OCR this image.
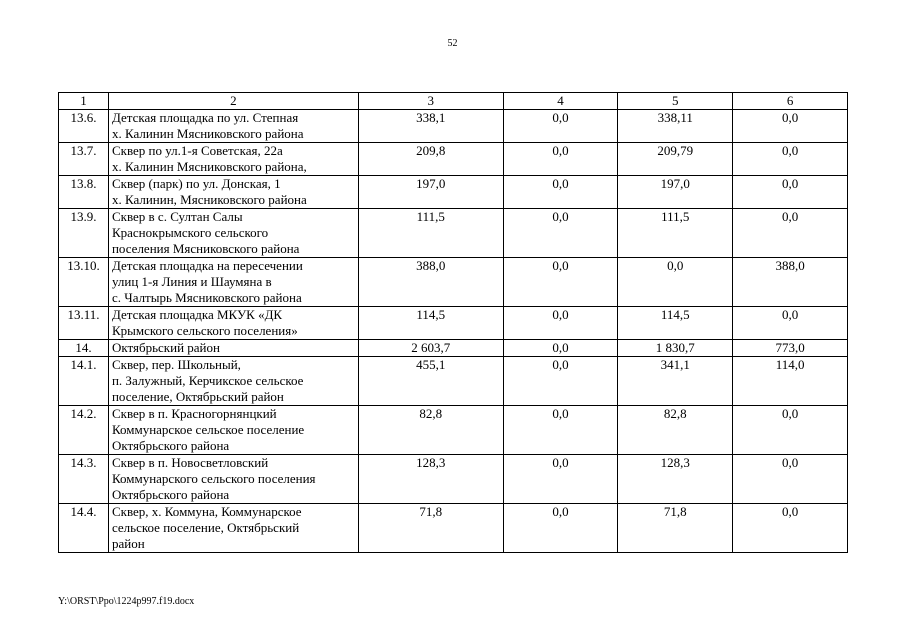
52
1	2	3	4	5	6
13.6.	Детская площадка по ул. Степная
х. Калинин Мясниковского района	338,1	0,0	338,11	0,0
13.7.	Сквер по ул.1-я Советская, 22а
х. Калинин Мясниковского района,	209,8	0,0	209,79	0,0
13.8.	Сквер (парк) по ул. Донская, 1
х. Калинин, Мясниковского района	197,0	0,0	197,0	0,0
13.9.	Сквер в с. Султан Салы
Краснокрымского сельского
поселения Мясниковского района	111,5	0,0	111,5	0,0
13.10.	Детская площадка на пересечении
улиц 1-я Линия и Шаумяна в
с. Чалтырь Мясниковского района	388,0	0,0	0,0	388,0
13.11.	Детская площадка МКУК «ДК
Крымского сельского поселения»	114,5	0,0	114,5	0,0
14.	Октябрьский район	2 603,7	0,0	1 830,7	773,0
14.1.	Сквер, пер. Школьный,
п. Залужный, Керчикское сельское
поселение, Октябрьский район	455,1	0,0	341,1	114,0
14.2.	Сквер в п. Красногорнянцкий
Коммунарское сельское поселение
Октябрьского района	82,8	0,0	82,8	0,0
14.3.	Сквер в п. Новосветловский
Коммунарского сельского поселения
Октябрьского района	128,3	0,0	128,3	0,0
14.4.	Сквер, х. Коммуна, Коммунарское
сельское поселение, Октябрьский
район	71,8	0,0	71,8	0,0
Y:\ORST\Ppo\1224p997.f19.docx
